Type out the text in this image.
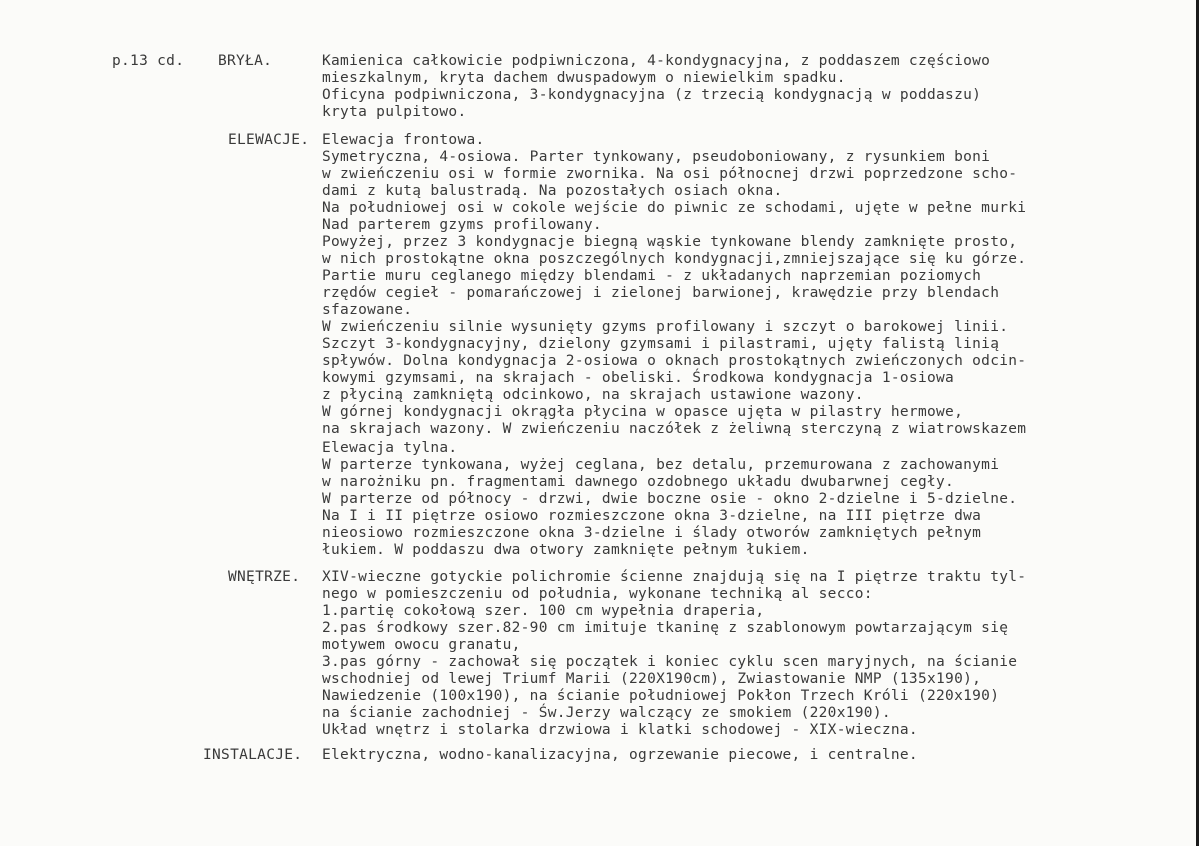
p.13 cd. BRYŁA.	Kamienica całkowicie podpiwniczona, 4-kondygnacyjna, z poddaszem częściowo
mieszkalnym, kryta dachem dwuspadowym o niewielkim spadku.
Oficyna podpiwniczona, 3-kondygnacyjna (z trzecią kondygnacją w poddaszu)
kryta pulpitowo.
ELEWACJE. Elewacja frontowa.
Symetryczna, 4-osiowa. Parter tynkowany, pseudoboniowany, z rysunkiem boni
w zwieńczeniu osi w formie zwornika. Na osi północnej drzwi poprzedzone scho-
dami z kutą balustradą. Na pozostałych osiach okna.
Na południowej osi w cokole wejście do piwnic ze schodami, ujęte w pełne murki
Nad parterem gzyms profilowany.
Powyżej, przez 3 kondygnacje biegną wąskie tynkowane blendy zamknięte prosto,
w nich prostokątne okna poszczególnych kondygnacji,zmniejszające się ku górze.
Partie muru ceglanego między blendami - z układanych naprzemian poziomych
rzędów cegieł - pomarańczowej i zielonej barwionej, krawędzie przy blendach
sfazowane.
W zwieńczeniu silnie wysunięty gzyms profilowany i szczyt o barokowej linii.
Szczyt 3-kondygnacyjny, dzielony gzymsami i pilastrami, ujęty falistą linią
spływów. Dolna kondygnacja 2-osiowa o oknach prostokątnych zwieńczonych odcin-
kowymi gzymsami, na skrajach - obeliski. Środkowa kondygnacja 1-osiowa
z płyciną zamkniętą odcinkowo, na skrajach ustawione wazony.
W górnej kondygnacji okrągła płycina w opasce ujęta w pilastry hermowe,
na skrajach wazony. W zwieńczeniu naczółek z żeliwną sterczyną z wiatrowskazem
Elewacja tylna.
W parterze tynkowana, wyżej ceglana, bez detalu, przemurowana z zachowanymi
w narożniku pn. fragmentami dawnego ozdobnego układu dwubarwnej cegły.
W parterze od północy - drzwi, dwie boczne osie - okno 2-dzielne i 5-dzielne.
Na I i II piętrze osiowo rozmieszczone okna 3-dzielne, na III piętrze dwa
nieosiowo rozmieszczone okna 3-dzielne i ślady otworów zamkniętych pełnym
łukiem. W poddaszu dwa otwory zamknięte pełnym łukiem.
WNĘTRZE. XIV-wieczne gotyckie polichromie ścienne znajdują się na I piętrze traktu tyl-
nego w pomieszczeniu od południa, wykonane techniką al secco:
1.partię cokołową szer. 100 cm wypełnia draperia,
2.pas środkowy szer.82-90 cm imituje tkaninę z szablonowym powtarzającym się
motywem owocu granatu,
3.pas górny - zachował się początek i koniec cyklu scen maryjnych, na ścianie
wschodniej od lewej Triumf Marii (220X190cm), Zwiastowanie NMP (135x190),
Nawiedzenie (100x190), na ścianie południowej Pokłon Trzech Króli (220x190)
na ścianie zachodniej - Św.Jerzy walczący ze smokiem (220x190).
Układ wnętrz i stolarka drzwiowa i klatki schodowej - XIX-wieczna.
INSTALACJE. Elektryczna, wodno-kanalizacyjna, ogrzewanie piecowe, i centralne.
